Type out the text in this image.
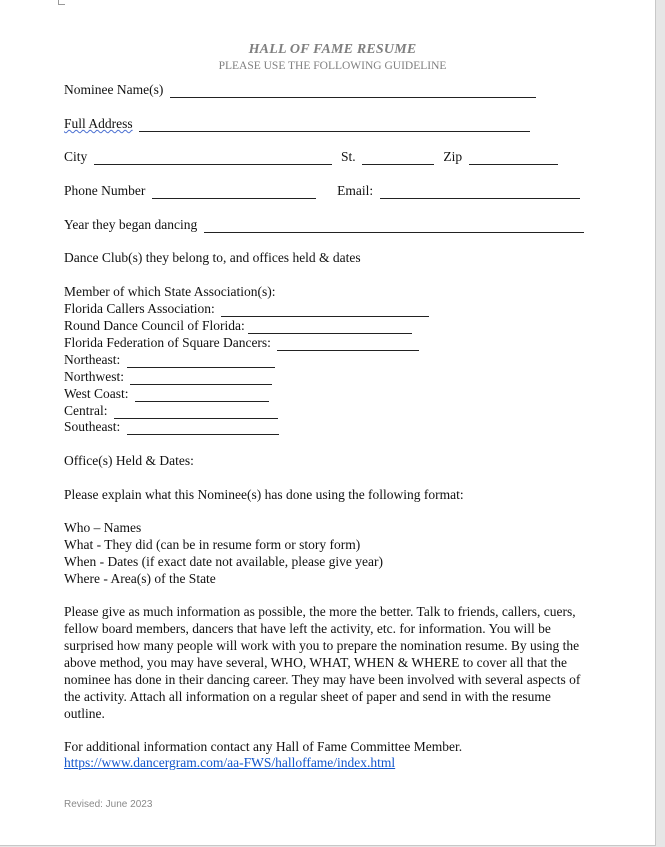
HALL OF FAME RESUME
PLEASE USE THE FOLLOWING GUIDELINE
Nominee Name(s)
Full Address
City	St.	Zip
Phone Number	Email:
Year they began dancing
Dance Club(s) they belong to, and offices held & dates
Member of which State Association(s):
Florida Callers Association:
Round Dance Council of Florida:
Florida Federation of Square Dancers:
Northeast:
Northwest:
West Coast:
Central:
Southeast:
Office(s) Held & Dates:
Please explain what this Nominee(s) has done using the following format:
Who – Names
What - They did (can be in resume form or story form)
When - Dates (if exact date not available, please give year)
Where - Area(s) of the State
Please give as much information as possible, the more the better. Talk to friends, callers, cuers, fellow board members, dancers that have left the activity, etc. for information. You will be surprised how many people will work with you to prepare the nomination resume. By using the above method, you may have several, WHO, WHAT, WHEN & WHERE to cover all that the nominee has done in their dancing career. They may have been involved with several aspects of the activity. Attach all information on a regular sheet of paper and send in with the resume outline.
For additional information contact any Hall of Fame Committee Member.
https://www.dancergram.com/aa-FWS/halloffame/index.html
Revised: June 2023
